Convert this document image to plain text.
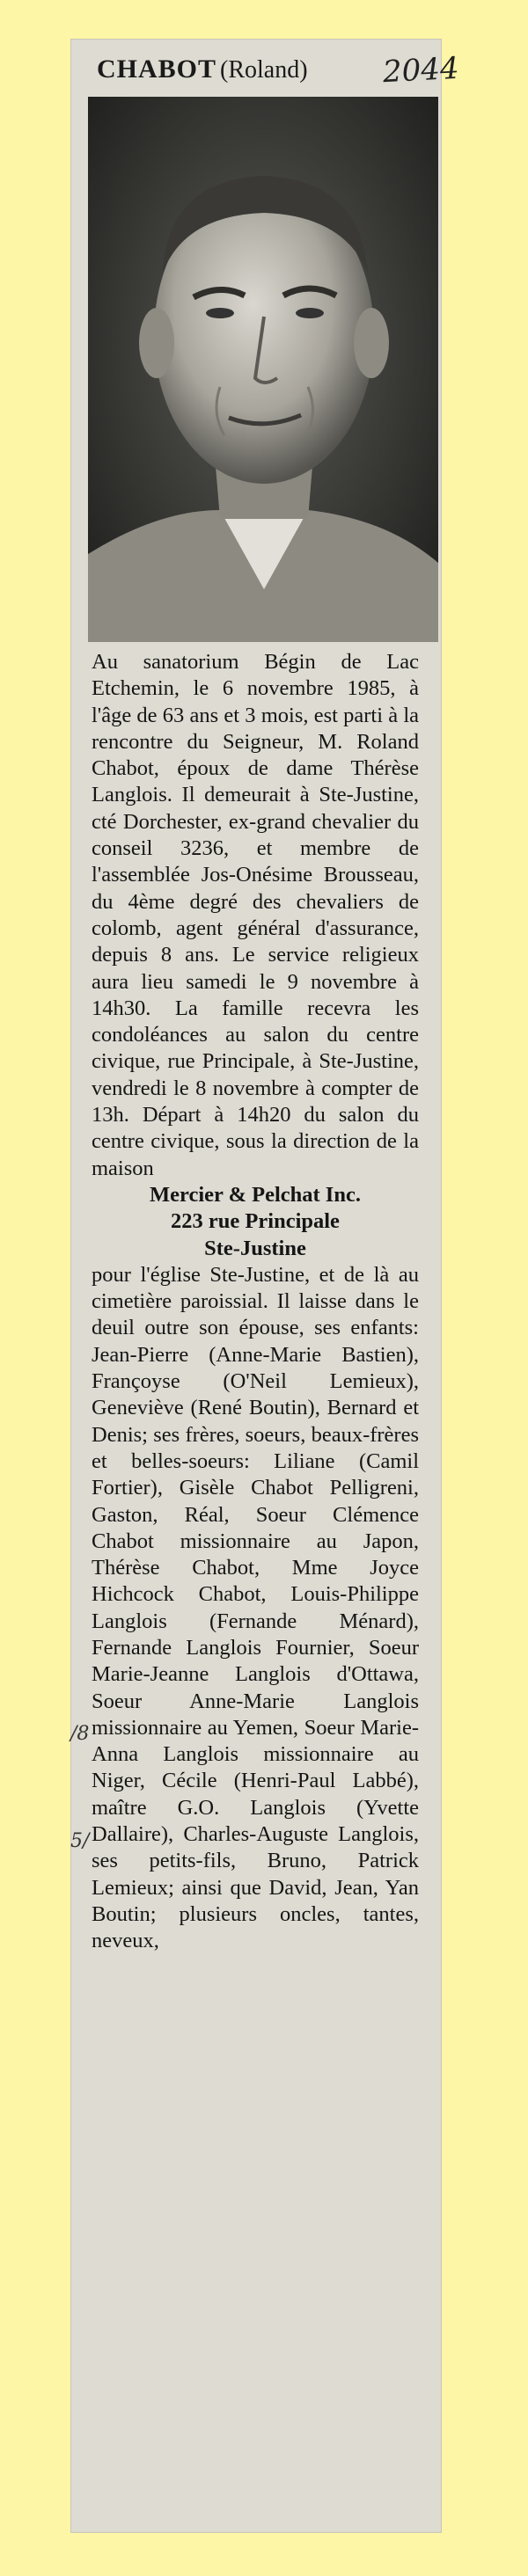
CHABOT (Roland) 2044

Au sanatorium Bégin de Lac Etchemin, le 6 novembre 1985, à l'âge de 63 ans et 3 mois, est parti à la rencontre du Seigneur, M. Roland Chabot, époux de dame Thérèse Langlois. Il demeurait à Ste-Justine, cté Dorchester, ex-grand chevalier du conseil 3236, et membre de l'assemblée Jos-Onésime Brousseau, du 4ème degré des chevaliers de colomb, agent général d'assurance, depuis 8 ans. Le service religieux aura lieu samedi le 9 novembre à 14h30. La famille recevra les condoléances au salon du centre civique, rue Principale, à Ste-Justine, vendredi le 8 novembre à compter de 13h. Départ à 14h20 du salon du centre civique, sous la direction de la maison

Mercier & Pelchat Inc.
223 rue Principale
Ste-Justine

pour l'église Ste-Justine, et de là au cimetière paroissial. Il laisse dans le deuil outre son épouse, ses enfants: Jean-Pierre (Anne-Marie Bastien), Françoyse (O'Neil Lemieux), Geneviève (René Boutin), Bernard et Denis; ses frères, soeurs, beaux-frères et belles-soeurs: Liliane (Camil Fortier), Gisèle Chabot Pelligreni, Gaston, Réal, Soeur Clémence Chabot missionnaire au Japon, Thérèse Chabot, Mme Joyce Hichcock Chabot, Louis-Philippe Langlois (Fernande Ménard), Fernande Langlois Fournier, Soeur Marie-Jeanne Langlois d'Ottawa, Soeur Anne-Marie Langlois missionnaire au Yemen, Soeur Marie-Anna Langlois missionnaire au Niger, Cécile (Henri-Paul Labbé), maître G.O. Langlois (Yvette Dallaire), Charles-Auguste Langlois, ses petits-fils, Bruno, Patrick Lemieux; ainsi que David, Jean, Yan Boutin; plusieurs oncles, tantes, neveux,

/8
5/
